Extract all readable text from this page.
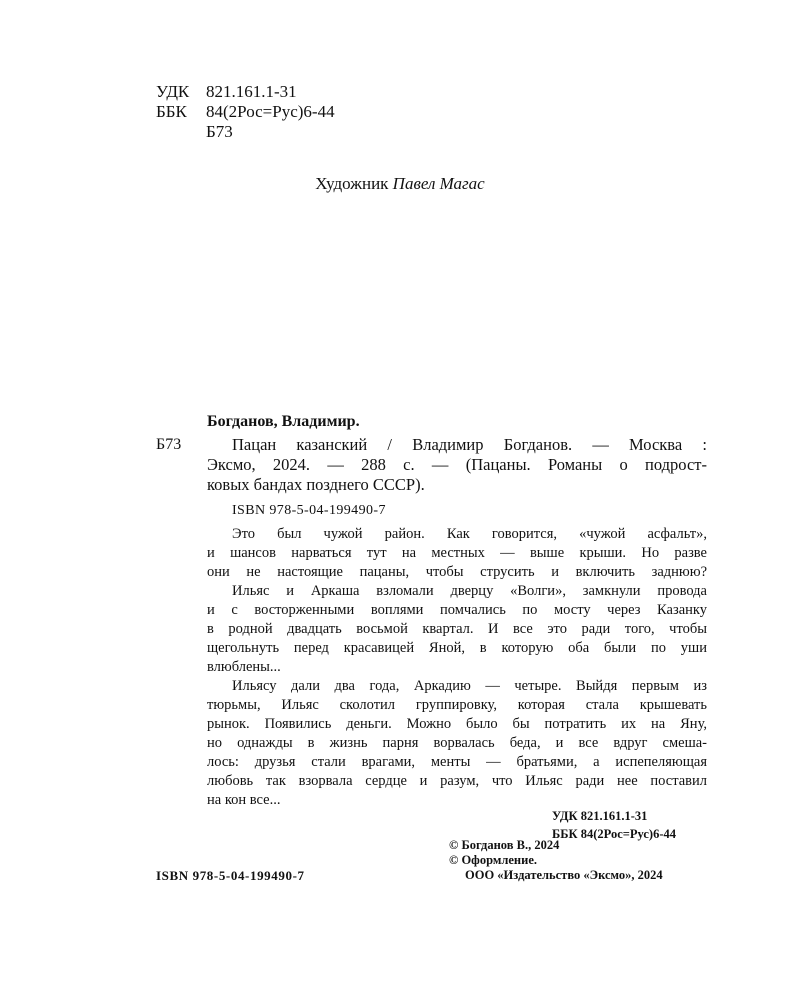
УДК 821.161.1-31
ББК 84(2Рос=Рус)6-44
Б73
Художник Павел Магас
Богданов, Владимир.
Б73	Пацан казанский / Владимир Богданов. — Москва :
Эксмо, 2024. — 288 с. — (Пацаны. Романы о подрост-
ковых бандах позднего СССР).
ISBN 978-5-04-199490-7
Это был чужой район. Как говорится, «чужой асфальт»,
и шансов нарваться тут на местных — выше крыши. Но разве
они не настоящие пацаны, чтобы струсить и включить заднюю?
Ильяс и Аркаша взломали дверцу «Волги», замкнули провода
и с восторженными воплями помчались по мосту через Казанку
в родной двадцать восьмой квартал. И все это ради того, чтобы
щегольнуть перед красавицей Яной, в которую оба были по уши
влюблены...
Ильясу дали два года, Аркадию — четыре. Выйдя первым из
тюрьмы, Ильяс сколотил группировку, которая стала крышевать
рынок. Появились деньги. Можно было бы потратить их на Яну,
но однажды в жизнь парня ворвалась беда, и все вдруг смеша-
лось: друзья стали врагами, менты — братьями, а испепеляющая
любовь так взорвала сердце и разум, что Ильяс ради нее поставил
на кон все...
УДК 821.161.1-31
ББК 84(2Рос=Рус)6-44
© Богданов В., 2024
© Оформление.
ООО «Издательство «Эксмо», 2024
ISBN 978-5-04-199490-7
